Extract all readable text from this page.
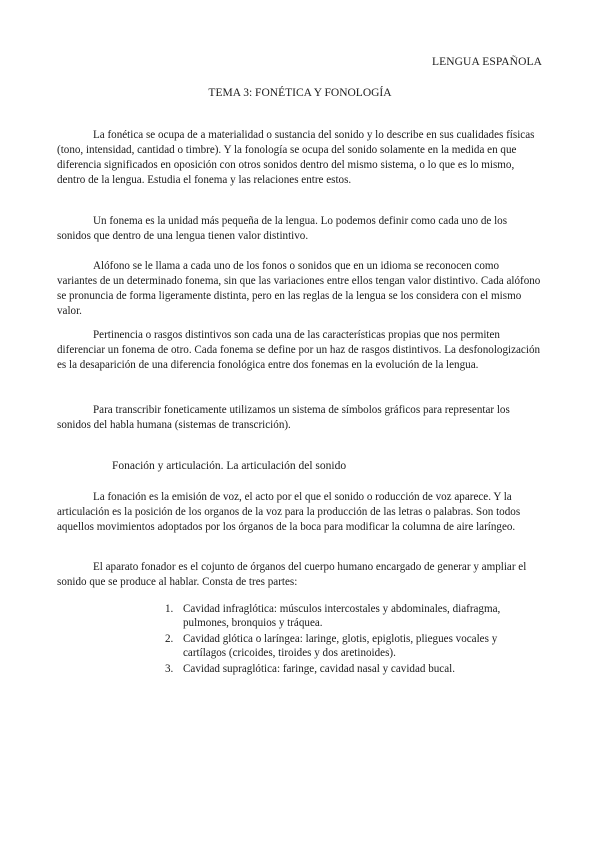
LENGUA ESPAÑOLA
TEMA 3: FONÉTICA Y FONOLOGÍA

La fonética se ocupa de a materialidad o sustancia del sonido y lo describe en sus cualidades físicas (tono, intensidad, cantidad o timbre). Y la fonología se ocupa del sonido solamente en la medida en que diferencia significados en oposición con otros sonidos dentro del mismo sistema, o lo que es lo mismo, dentro de la lengua. Estudia el fonema y las relaciones entre estos.

Un fonema es la unidad más pequeña de la lengua. Lo podemos definir como cada uno de los sonidos que dentro de una lengua tienen valor distintivo.

Alófono se le llama a cada uno de los fonos o sonidos que en un idioma se reconocen como variantes de un determinado fonema, sin que las variaciones entre ellos tengan valor distintivo. Cada alófono se pronuncia de forma ligeramente distinta, pero en las reglas de la lengua se los considera con el mismo valor.

Pertinencia o rasgos distintivos son cada una de las características propias que nos permiten diferenciar un fonema de otro. Cada fonema se define por un haz de rasgos distintivos. La desfonologización es la desaparición de una diferencia fonológica entre dos fonemas en la evolución de la lengua.

Para transcribir foneticamente utilizamos un sistema de símbolos gráficos para representar los sonidos del habla humana (sistemas de transcrición).

Fonación y articulación. La articulación del sonido

La fonación es la emisión de voz, el acto por el que el sonido o roducción de voz aparece. Y la articulación es la posición de los organos de la voz para la producción de las letras o palabras. Son todos aquellos movimientos adoptados por los órganos de la boca para modificar la columna de aire laríngeo.

El aparato fonador es el cojunto de órganos del cuerpo humano encargado de generar y ampliar el sonido que se produce al hablar. Consta de tres partes:

1. Cavidad infraglótica: músculos intercostales y abdominales, diafragma, pulmones, bronquios y tráquea.
2. Cavidad glótica o laríngea: laringe, glotis, epiglotis, pliegues vocales y cartílagos (cricoides, tiroides y dos aretinoides).
3. Cavidad supraglótica: faringe, cavidad nasal y cavidad bucal.
